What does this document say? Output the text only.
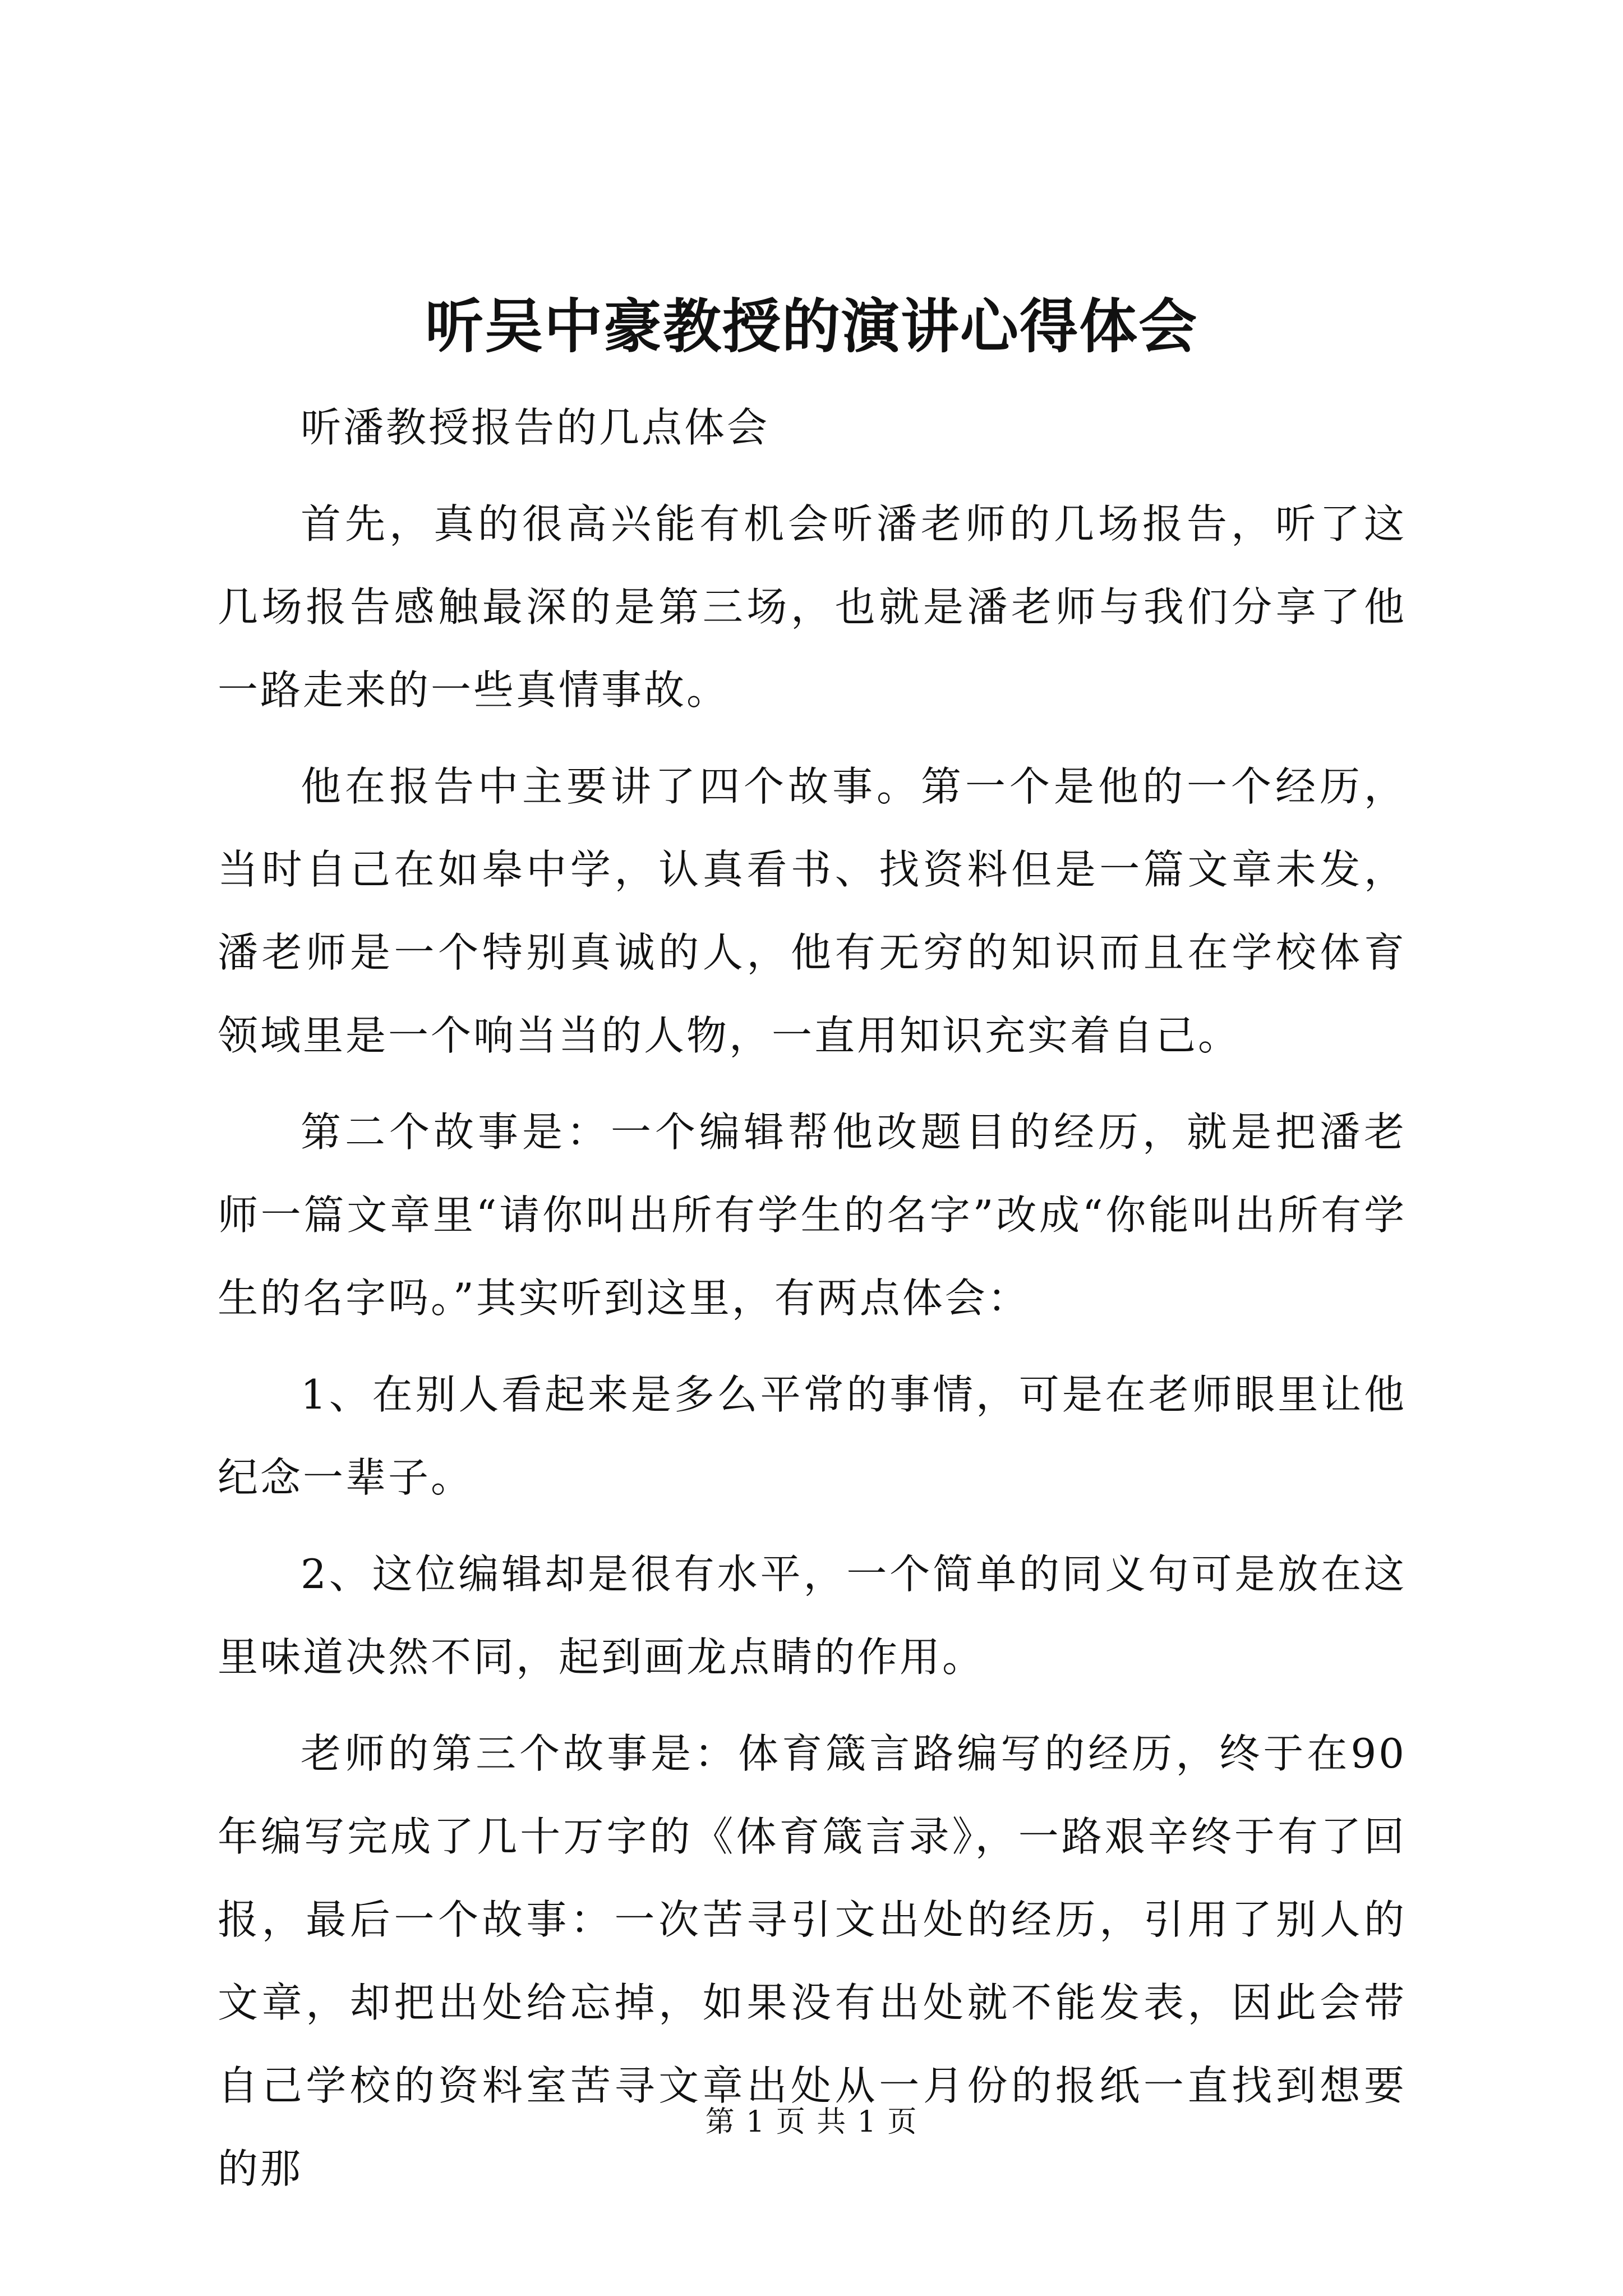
听吴中豪教授的演讲心得体会

听潘教授报告的几点体会

首先，真的很高兴能有机会听潘老师的几场报告，听了这几场报告感触最深的是第三场，也就是潘老师与我们分享了他一路走来的一些真情事故。

他在报告中主要讲了四个故事。第一个是他的一个经历，当时自己在如皋中学，认真看书、找资料但是一篇文章未发，潘老师是一个特别真诚的人，他有无穷的知识而且在学校体育领域里是一个响当当的人物，一直用知识充实着自己。

第二个故事是：一个编辑帮他改题目的经历，就是把潘老师一篇文章里“请你叫出所有学生的名字”改成“你能叫出所有学生的名字吗。”其实听到这里，有两点体会：

1、在别人看起来是多么平常的事情，可是在老师眼里让他纪念一辈子。

2、这位编辑却是很有水平，一个简单的同义句可是放在这里味道决然不同，起到画龙点睛的作用。

老师的第三个故事是：体育箴言路编写的经历，终于在90年编写完成了几十万字的《体育箴言录》，一路艰辛终于有了回报，最后一个故事：一次苦寻引文出处的经历，引用了别人的文章，却把出处给忘掉，如果没有出处就不能发表，因此会带自己学校的资料室苦寻文章出处从一月份的报纸一直找到想要的那

第 1 页 共 1 页
